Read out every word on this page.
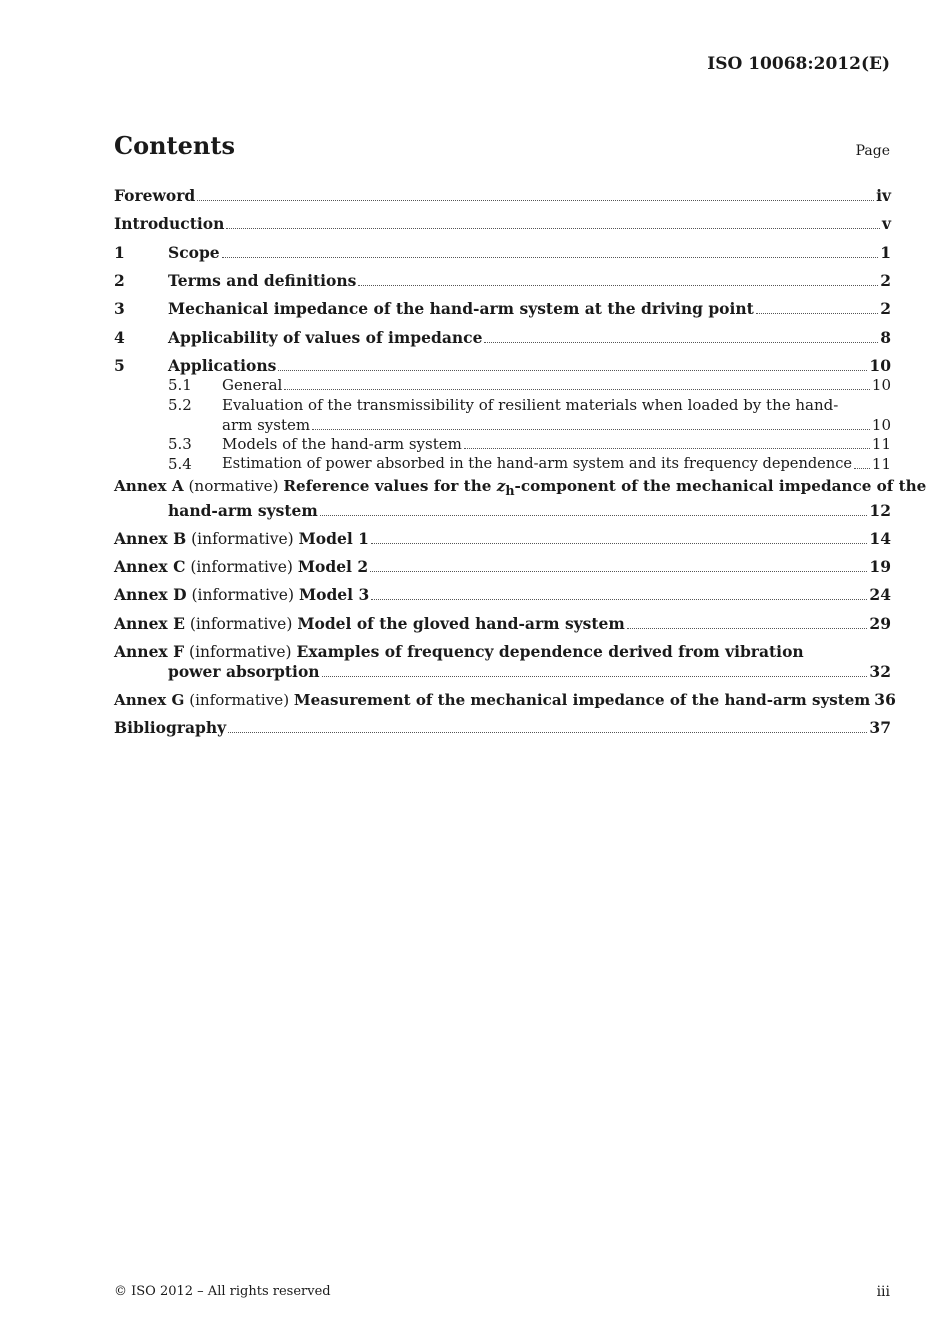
ISO 10068:2012(E)
Contents	Page
Foreword	iv
Introduction	v
1	Scope	1
2	Terms and definitions	2
3	Mechanical impedance of the hand-arm system at the driving point	2
4	Applicability of values of impedance	8
5	Applications	10
5.1	General	10
5.2	Evaluation of the transmissibility of resilient materials when loaded by the hand-
arm system	10
5.3	Models of the hand-arm system	11
5.4	Estimation of power absorbed in the hand-arm system and its frequency dependence 11
Annex A (normative) Reference values for the $z_h$-component of the mechanical impedance of the
hand-arm system	12
Annex B (informative) Model 1	14
Annex C (informative) Model 2	19
Annex D (informative) Model 3	24
Annex E (informative) Model of the gloved hand-arm system	29
Annex F (informative) Examples of frequency dependence derived from vibration
power absorption	32
Annex G (informative) Measurement of the mechanical impedance of the hand-arm system 36
Bibliography	37
© ISO 2012 – All rights reserved	iii
